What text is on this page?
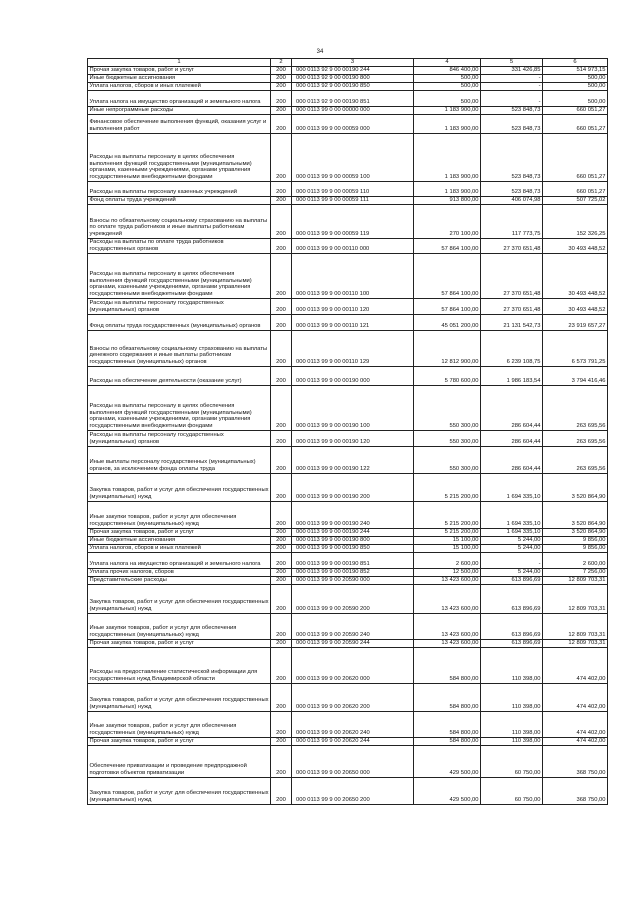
34
1	2	3	4	5	6
Прочая закупка товаров, работ и услуг	200	000 0113 92 9 00 00190 244	846 400,00	331 426,85	514 973,15
Иные бюджетные ассигнования	200	000 0113 92 9 00 00190 800	500,00	-	500,00
Уплата налогов, сборов и иных платежей	200	000 0113 92 9 00 00190 850	500,00	-	500,00
Уплата налога на имущество организаций и земельного налога	200	000 0113 92 9 00 00190 851	500,00	-	500,00
Иные непрограммные расходы	200	000 0113 99 0 00 00000 000	1 183 900,00	523 848,73	660 051,27
Финансовое обеспечение выполнения функций, оказания услуг и выполнения работ	200	000 0113 99 9 00 00059 000	1 183 900,00	523 848,73	660 051,27
Расходы на выплаты персоналу в целях обеспечения выполнения функций государственными (муниципальными) органами, казенными учреждениями, органами управления государственными внебюджетными фондами	200	000 0113 99 9 00 00059 100	1 183 900,00	523 848,73	660 051,27
Расходы на выплаты персоналу казенных учреждений	200	000 0113 99 9 00 00059 110	1 183 900,00	523 848,73	660 051,27
Фонд оплаты труда учреждений	200	000 0113 99 9 00 00059 111	913 800,00	406 074,98	507 725,02
Взносы по обязательному социальному страхованию на выплаты по оплате труда работников и иные выплаты работникам учреждений	200	000 0113 99 9 00 00059 119	270 100,00	117 773,75	152 326,25
Расходы на выплаты по оплате труда работников государственных органов	200	000 0113 99 9 00 00110 000	57 864 100,00	27 370 651,48	30 493 448,52
Расходы на выплаты персоналу в целях обеспечения выполнения функций государственными (муниципальными) органами, казенными учреждениями, органами управления государственными внебюджетными фондами	200	000 0113 99 9 00 00110 100	57 864 100,00	27 370 651,48	30 493 448,52
Расходы на выплаты персоналу государственных (муниципальных) органов	200	000 0113 99 9 00 00110 120	57 864 100,00	27 370 651,48	30 493 448,52
Фонд оплаты труда государственных (муниципальных) органов	200	000 0113 99 9 00 00110 121	45 051 200,00	21 131 542,73	23 919 657,27
Взносы по обязательному социальному страхованию на выплаты денежного содержания и иные выплаты работникам государственных (муниципальных) органов	200	000 0113 99 9 00 00110 129	12 812 900,00	6 239 108,75	6 573 791,25
Расходы на обеспечение деятельности (оказание услуг)	200	000 0113 99 9 00 00190 000	5 780 600,00	1 986 183,54	3 794 416,46
Расходы на выплаты персоналу в целях обеспечения выполнения функций государственными (муниципальными) органами, казенными учреждениями, органами управления государственными внебюджетными фондами	200	000 0113 99 9 00 00190 100	550 300,00	286 604,44	263 695,56
Расходы на выплаты персоналу государственных (муниципальных) органов	200	000 0113 99 9 00 00190 120	550 300,00	286 604,44	263 695,56
Иные выплаты персоналу государственных (муниципальных) органов, за исключением фонда оплаты труда	200	000 0113 99 9 00 00190 122	550 300,00	286 604,44	263 695,56
Закупка товаров, работ и услуг для обеспечения государственных (муниципальных) нужд	200	000 0113 99 9 00 00190 200	5 215 200,00	1 694 335,10	3 520 864,90
Иные закупки товаров, работ и услуг для обеспечения государственных (муниципальных) нужд	200	000 0113 99 9 00 00190 240	5 215 200,00	1 694 335,10	3 520 864,90
Прочая закупка товаров, работ и услуг	200	000 0113 99 9 00 00190 244	5 215 200,00	1 694 335,10	3 520 864,90
Иные бюджетные ассигнования	200	000 0113 99 9 00 00190 800	15 100,00	5 244,00	9 856,00
Уплата налогов, сборов и иных платежей	200	000 0113 99 9 00 00190 850	15 100,00	5 244,00	9 856,00
Уплата налога на имущество организаций и земельного налога	200	000 0113 99 9 00 00190 851	2 600,00	-	2 600,00
Уплата прочих налогов, сборов	200	000 0113 99 9 00 00190 852	12 500,00	5 244,00	7 256,00
Представительские расходы	200	000 0113 99 9 00 20590 000	13 423 600,00	613 896,69	12 809 703,31
Закупка товаров, работ и услуг для обеспечения государственных (муниципальных) нужд	200	000 0113 99 9 00 20590 200	13 423 600,00	613 896,69	12 809 703,31
Иные закупки товаров, работ и услуг для обеспечения государственных (муниципальных) нужд	200	000 0113 99 9 00 20590 240	13 423 600,00	613 896,69	12 809 703,31
Прочая закупка товаров, работ и услуг	200	000 0113 99 9 00 20590 244	13 423 600,00	613 896,69	12 809 703,31
Расходы на предоставление статистической информации для государственных нужд Владимирской области	200	000 0113 99 9 00 20620 000	584 800,00	110 398,00	474 402,00
Закупка товаров, работ и услуг для обеспечения государственных (муниципальных) нужд	200	000 0113 99 9 00 20620 200	584 800,00	110 398,00	474 402,00
Иные закупки товаров, работ и услуг для обеспечения государственных (муниципальных) нужд	200	000 0113 99 9 00 20620 240	584 800,00	110 398,00	474 402,00
Прочая закупка товаров, работ и услуг	200	000 0113 99 9 00 20620 244	584 800,00	110 398,00	474 402,00
Обеспечение приватизации и проведение предпродажной подготовки объектов приватизации	200	000 0113 99 9 00 20650 000	429 500,00	60 750,00	368 750,00
Закупка товаров, работ и услуг для обеспечения государственных (муниципальных) нужд	200	000 0113 99 9 00 20650 200	429 500,00	60 750,00	368 750,00
